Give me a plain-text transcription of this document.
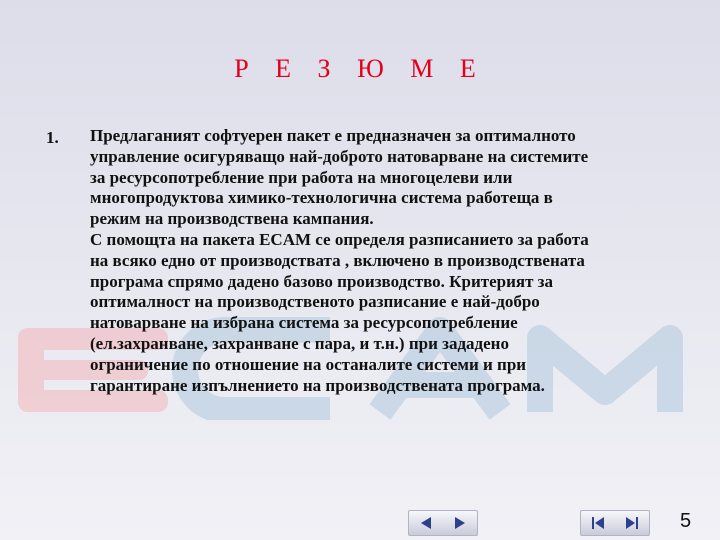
Р Е З Ю М Е
1. Предлаганият софтуерен пакет е предназначен за оптималното
управление осигуряващо най-доброто натоварване на системите
за ресурсопотребление при работа на многоцелеви или
многопродуктова химико-технологична система работеща в
режим на производствена кампания.
С помощта на пакета ECAM се определя разписанието за работа
на всяко едно от производствата , включено в производствената
програма спрямо дадено базово производство. Критерият за
оптималност на производственото разписание е най-добро
натоварване на избрана система за ресурсопотребление
(ел.захранване, захранване с пара, и т.н.) при зададено
ограничение по отношение на останалите системи и при
гарантиране изпълнението на производствената програма.

5
